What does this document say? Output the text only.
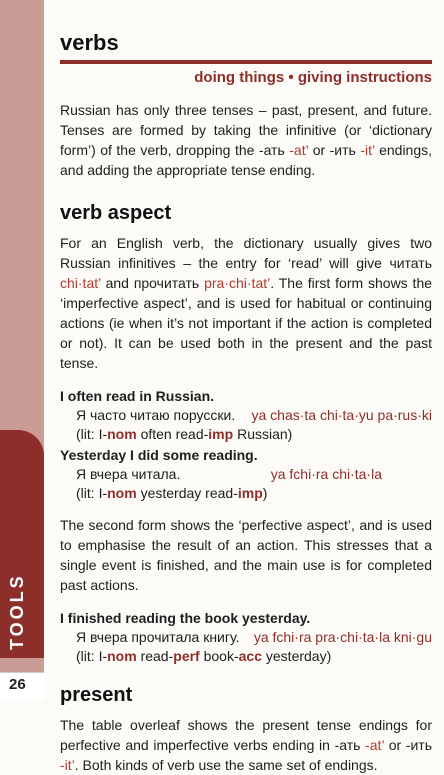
TOOLS
26
verbs
doing things • giving instructions

Russian has only three tenses – past, present, and future. Tenses are formed by taking the infinitive (or ‘dictionary form’) of the verb, dropping the -ать -at’ or -ить -it’ endings, and adding the appropriate tense ending.

verb aspect

For an English verb, the dictionary usually gives two Russian infinitives – the entry for ‘read’ will give читать chi·tat’ and прочитать pra·chi·tat’. The first form shows the ‘imperfective aspect’, and is used for habitual or continuing actions (ie when it’s not important if the action is completed or not). It can be used both in the present and the past tense.

I often read in Russian.
Я часто читаю порусски. ya chas·ta chi·ta·yu pa·rus·ki
(lit: I-nom often read-imp Russian)
Yesterday I did some reading.
Я вчера читала.	ya fchi·ra chi·ta·la
(lit: I-nom yesterday read-imp)

The second form shows the ‘perfective aspect’, and is used to emphasise the result of an action. This stresses that a single event is finished, and the main use is for completed past actions.

I finished reading the book yesterday.
Я вчера прочитала книгу. ya fchi·ra pra·chi·ta·la kni·gu
(lit: I-nom read-perf book-acc yesterday)
present

The table overleaf shows the present tense endings for perfective and imperfective verbs ending in -ать -at’ or -ить -it’. Both kinds of verb use the same set of endings.
